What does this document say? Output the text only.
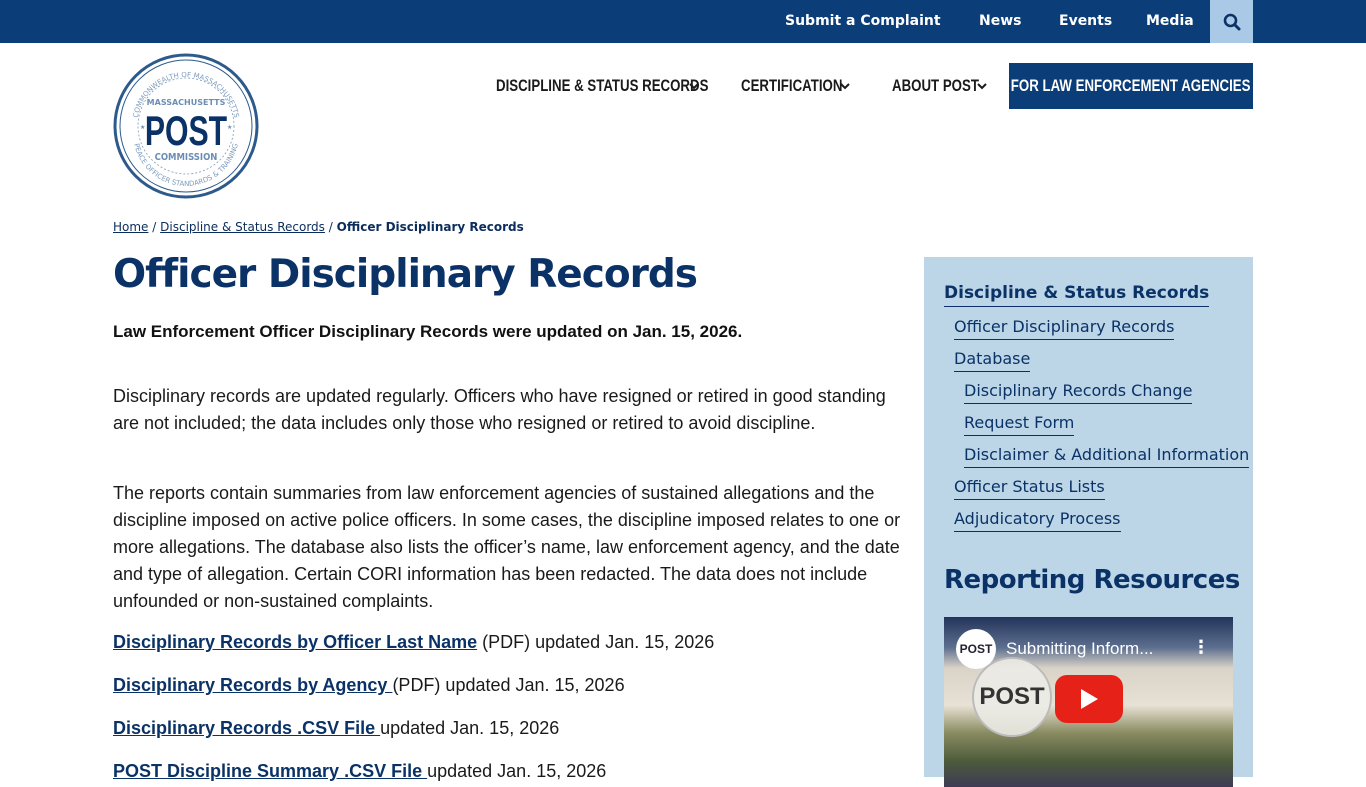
Submit a Complaint	News	Events Media
COMMONWEALTH OF MASSACHUSETTS
PEACE OFFICER STANDARDS & TRAINING
MASSACHUSETTS
POST
COMMISSION
★	★
DISCIPLINE & STATUS RECORDS CERTIFICATION	ABOUT POST FOR LAW ENFORCEMENT AGENCIES
Home / Discipline & Status Records / Officer Disciplinary Records
Officer Disciplinary Records

Law Enforcement Officer Disciplinary Records were updated on Jan. 15, 2026.

Disciplinary records are updated regularly. Officers who have resigned or retired in good standing are not included; the data includes only those who resigned or retired to avoid discipline.

The reports contain summaries from law enforcement agencies of sustained allegations and the discipline imposed on active police officers. In some cases, the discipline imposed relates to one or more allegations. The database also lists the officer’s name, law enforcement agency, and the date and type of allegation. Certain CORI information has been redacted. The data does not include unfounded or non-sustained complaints.

Disciplinary Records by Officer Last Name (PDF) updated Jan. 15, 2026

Disciplinary Records by Agency (PDF) updated Jan. 15, 2026

Disciplinary Records .CSV File updated Jan. 15, 2026

POST Discipline Summary .CSV File updated Jan. 15, 2026

Discipline & Status Records
Officer Disciplinary Records
Database
Disciplinary Records Change
Request Form
Disclaimer & Additional Information
Officer Status Lists
Adjudicatory Process
Reporting Resources
POST Submitting Inform... ⋮
POST
